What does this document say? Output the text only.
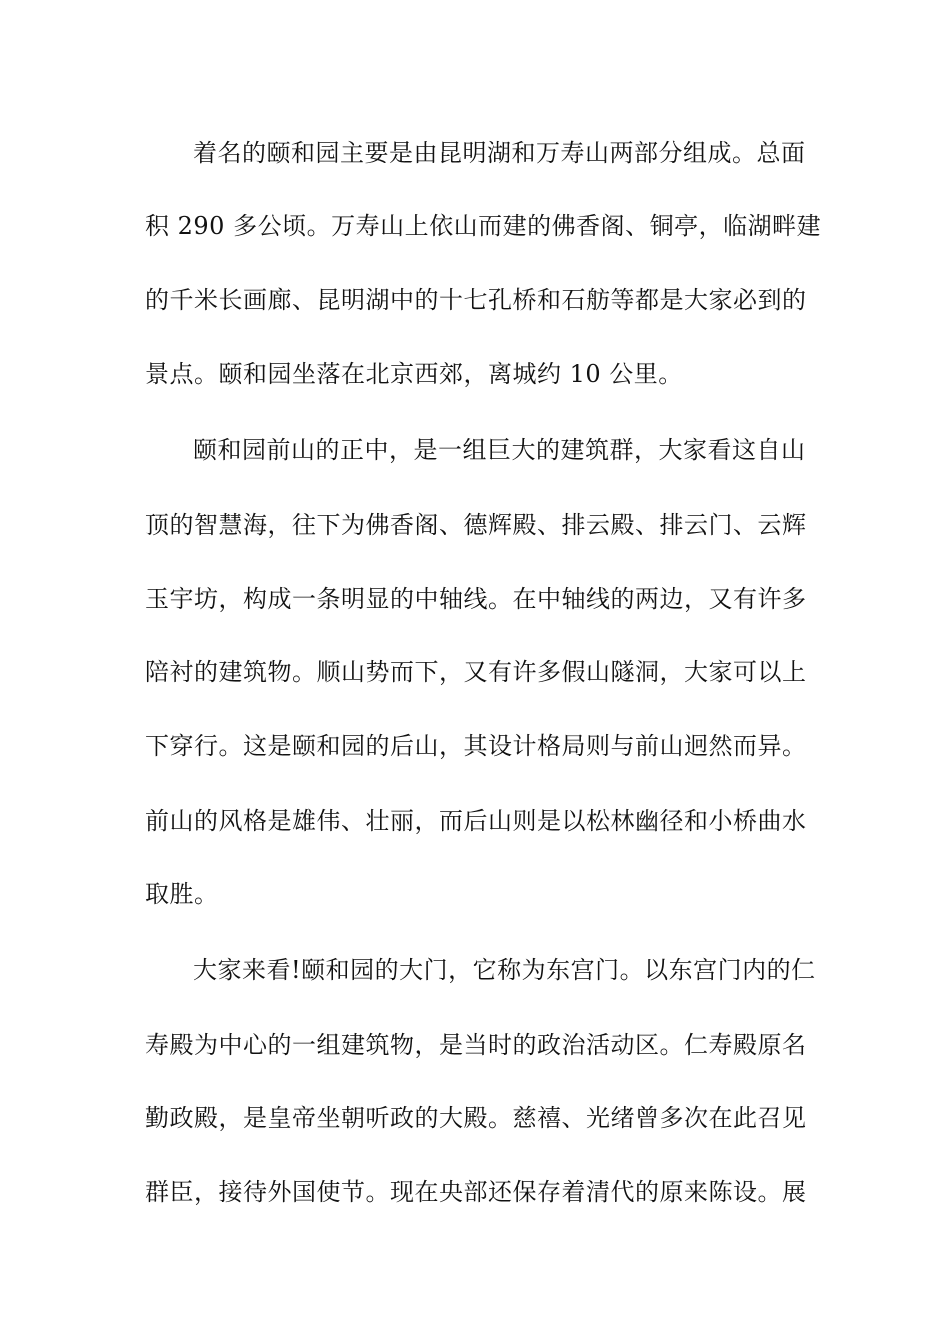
着名的颐和园主要是由昆明湖和万寿山两部分组成。总面
积 290 多公顷。万寿山上依山而建的佛香阁、铜亭，临湖畔建
的千米长画廊、昆明湖中的十七孔桥和石舫等都是大家必到的
景点。颐和园坐落在北京西郊，离城约 10 公里。
颐和园前山的正中，是一组巨大的建筑群，大家看这自山
顶的智慧海，往下为佛香阁、德辉殿、排云殿、排云门、云辉
玉宇坊，构成一条明显的中轴线。在中轴线的两边，又有许多
陪衬的建筑物。顺山势而下，又有许多假山隧洞，大家可以上
下穿行。这是颐和园的后山，其设计格局则与前山迥然而异。
前山的风格是雄伟、壮丽，而后山则是以松林幽径和小桥曲水
取胜。
大家来看!颐和园的大门，它称为东宫门。以东宫门内的仁
寿殿为中心的一组建筑物，是当时的政治活动区。仁寿殿原名
勤政殿，是皇帝坐朝听政的大殿。慈禧、光绪曾多次在此召见
群臣，接待外国使节。现在央部还保存着清代的原来陈设。展
